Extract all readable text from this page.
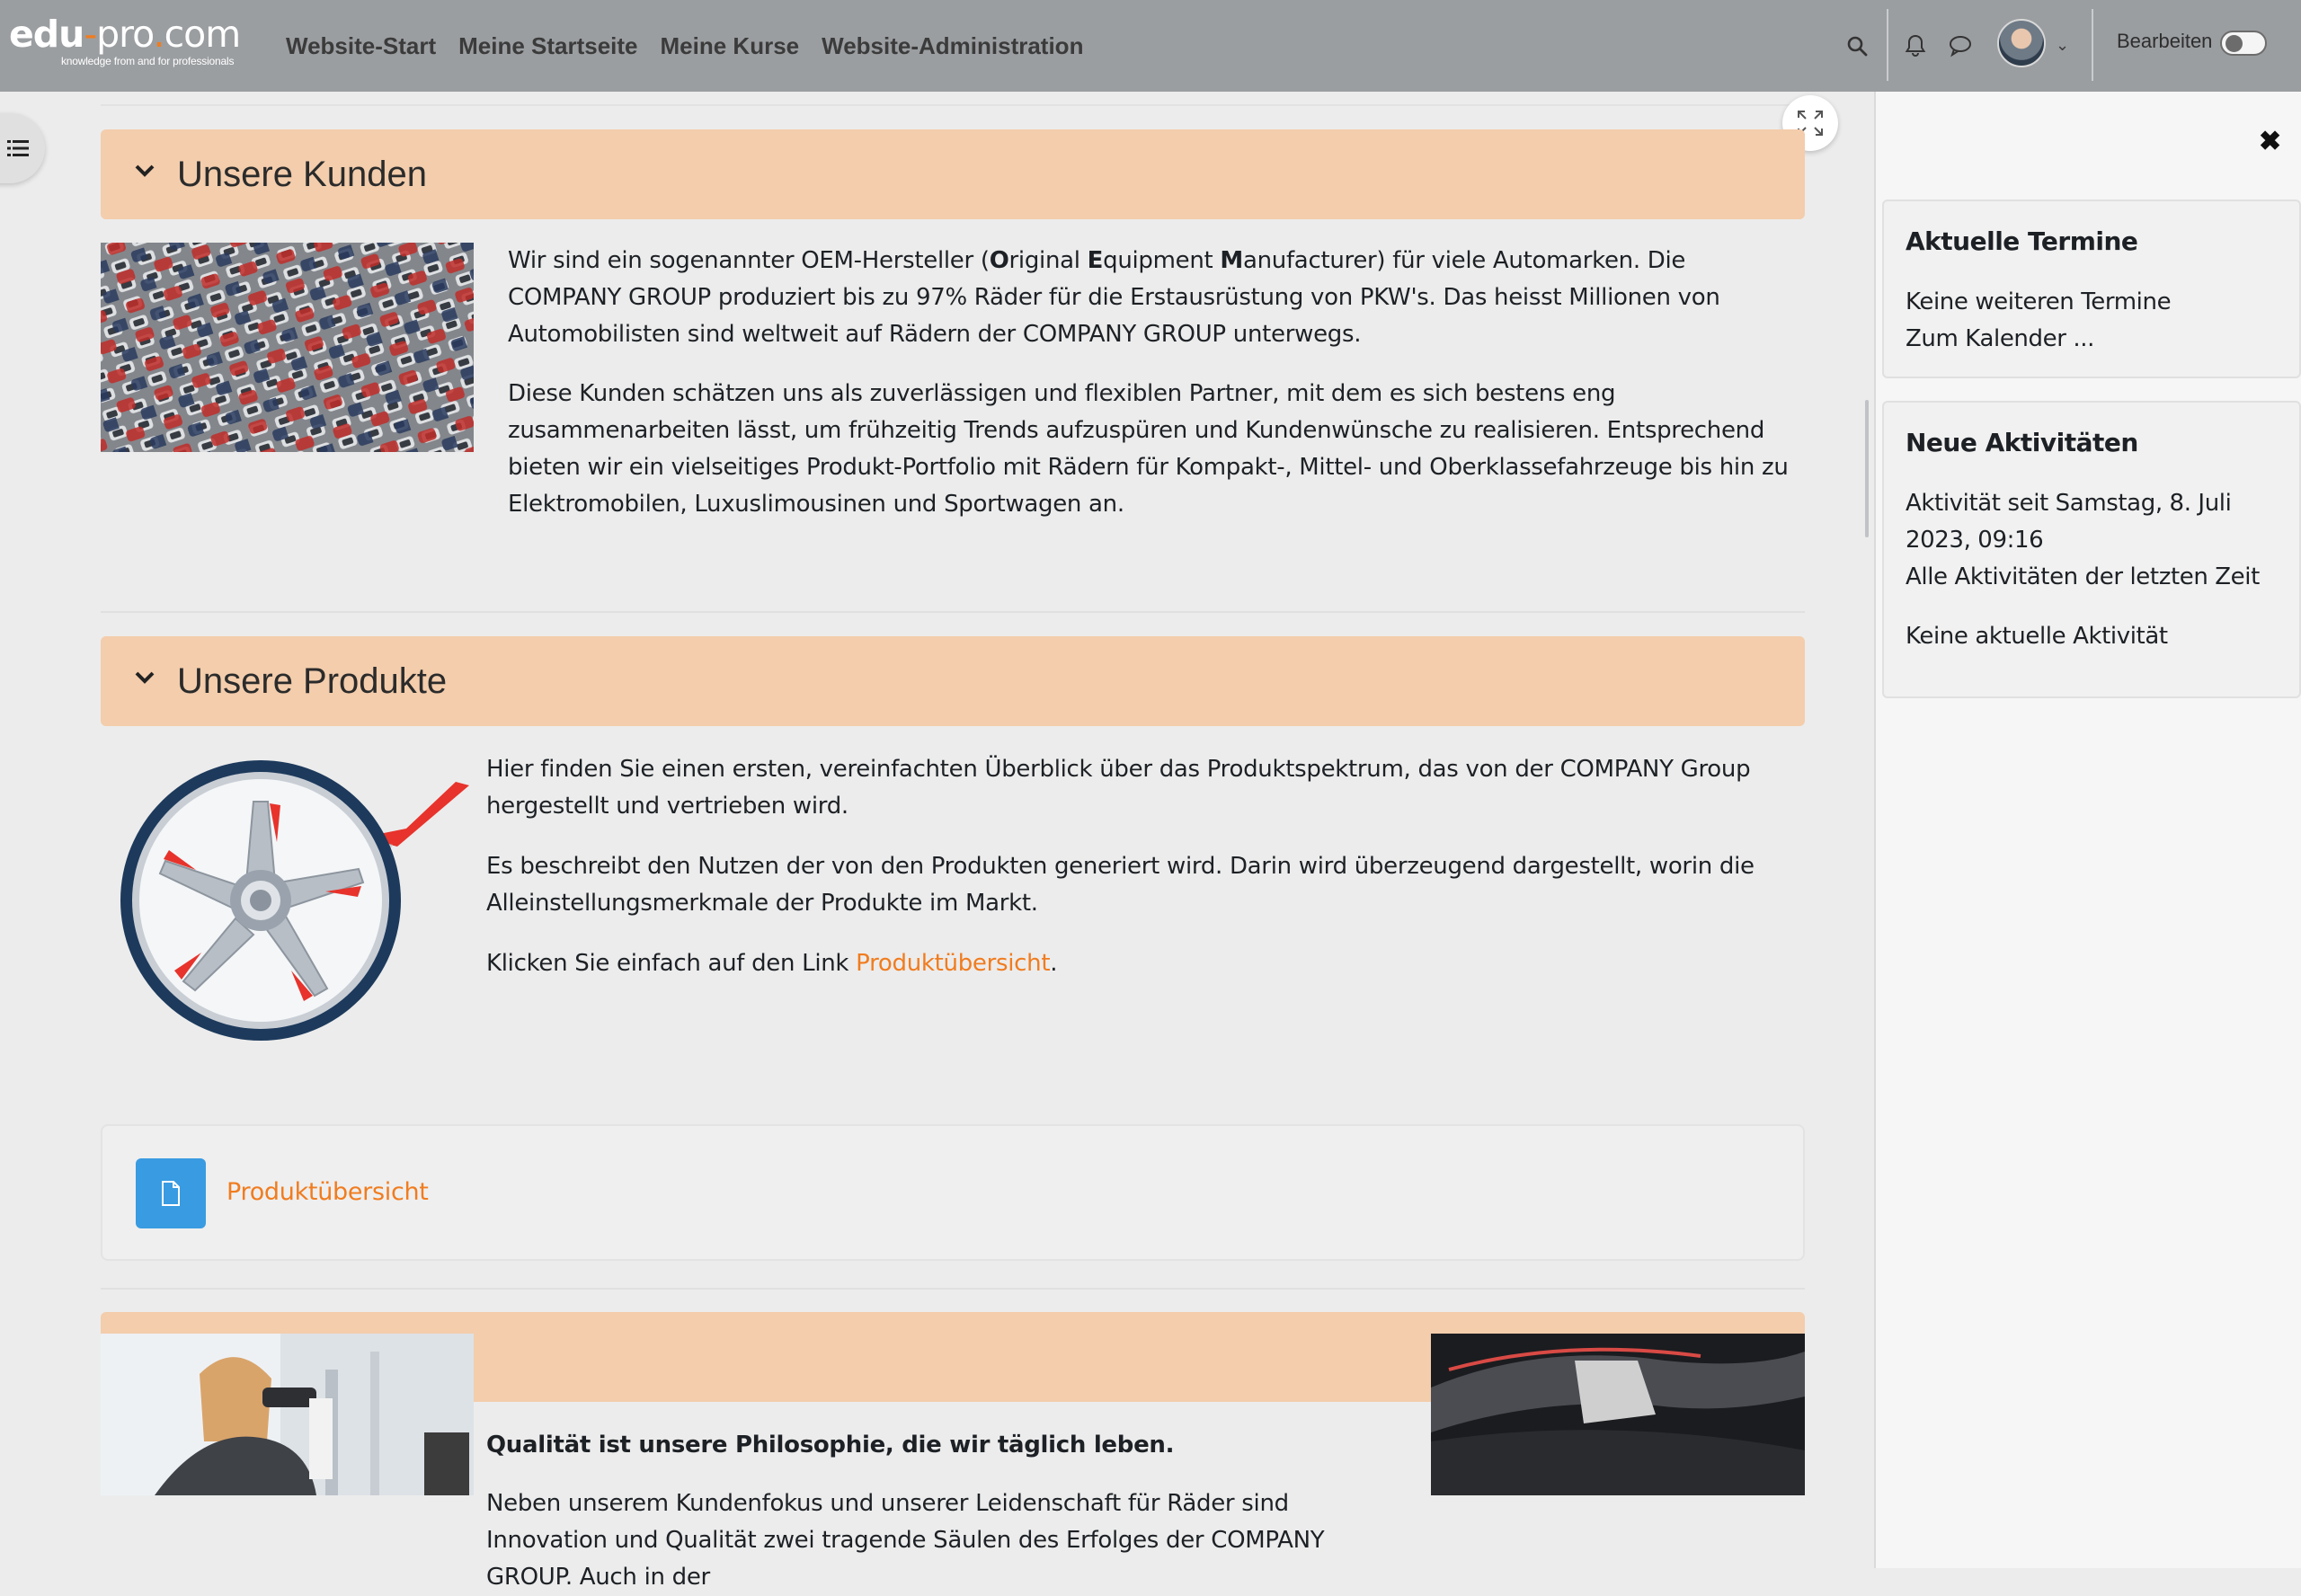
edu-pro.com
knowledge from and for professionals
Website-Start Meine Startseite Meine Kurse Website-Administration	⌄ Bearbeiten
Unsere Kunden
Wir sind ein sogenannter OEM-Hersteller (Original Equipment Manufacturer) für viele Automarken. Die COMPANY GROUP produziert bis zu 97% Räder für die Erstausrüstung von PKW's. Das heisst Millionen von Automobilisten sind weltweit auf Rädern der COMPANY GROUP unterwegs.
Diese Kunden schätzen uns als zuverlässigen und flexiblen Partner, mit dem es sich bestens eng zusammenarbeiten lässt, um frühzeitig Trends aufzuspüren und Kundenwünsche zu realisieren. Entsprechend bieten wir ein vielseitiges Produkt-Portfolio mit Rädern für Kompakt-, Mittel- und Oberklassefahrzeuge bis hin zu Elektromobilen, Luxuslimousinen und Sportwagen an.
Unsere Produkte
Hier finden Sie einen ersten, vereinfachten Überblick über das Produktspektrum, das von der COMPANY Group hergestellt und vertrieben wird.
Es beschreibt den Nutzen der von den Produkten generiert wird. Darin wird überzeugend dargestellt, worin die Alleinstellungsmerkmale der Produkte im Markt.
Klicken Sie einfach auf den Link Produktübersicht.
Produktübersicht
Qualität ist unsere Philosophie, die wir täglich leben.
Neben unserem Kundenfokus und unserer Leidenschaft für Räder sind Innovation und Qualität zwei tragende Säulen des Erfolges der COMPANY GROUP. Auch in der
✖
Aktuelle Termine
Keine weiteren Termine
Zum Kalender ...
Neue Aktivitäten
Aktivität seit Samstag, 8. Juli
2023, 09:16
Alle Aktivitäten der letzten Zeit
Keine aktuelle Aktivität
